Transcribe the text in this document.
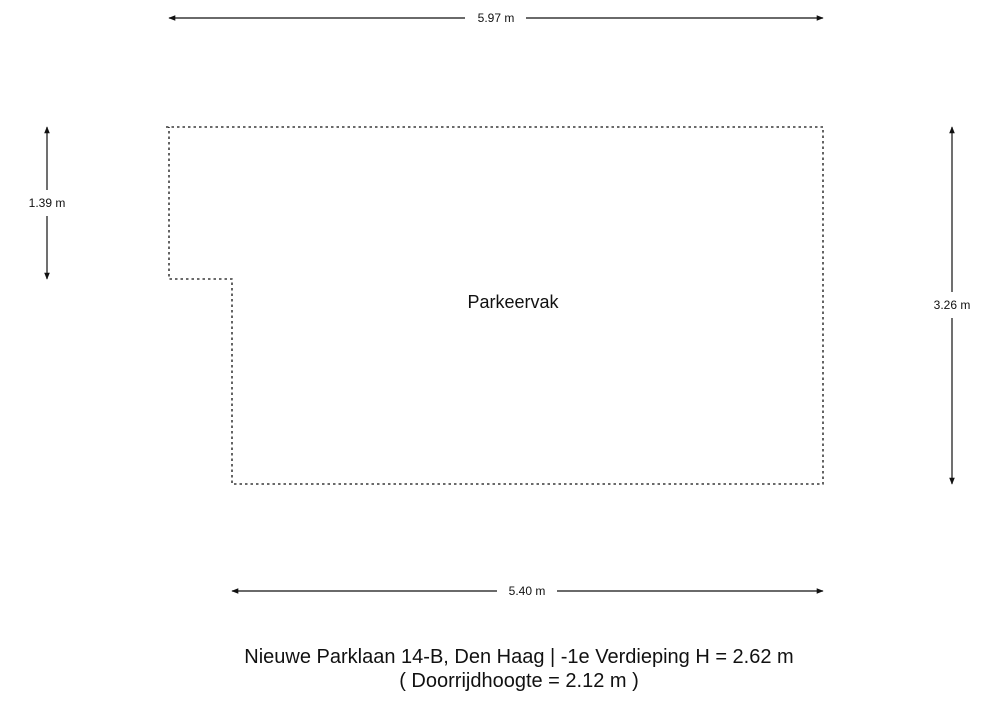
Parkeervak
5.97 m
5.40 m
1.39 m
3.26 m
Nieuwe Parklaan 14-B, Den Haag | -1e Verdieping H = 2.62 m
( Doorrijdhoogte = 2.12 m )
